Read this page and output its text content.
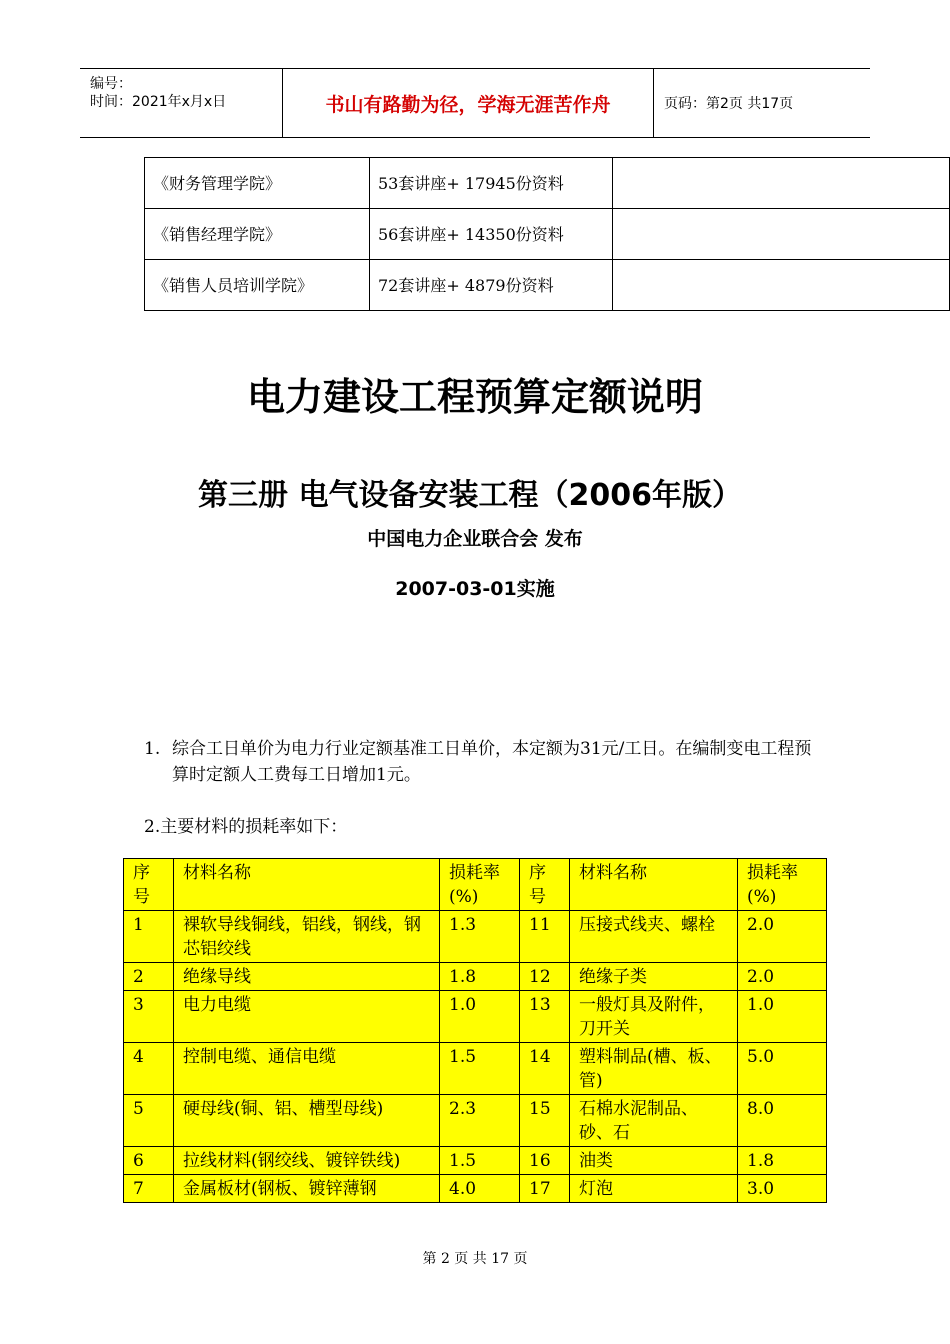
编号：
时间：2021年x月x日	书山有路勤为径，学海无涯苦作舟	页码：第2页 共17页
《财务管理学院》	53套讲座+ 17945份资料	
《销售经理学院》	56套讲座+ 14350份资料	
《销售人员培训学院》	72套讲座+ 4879份资料	
电力建设工程预算定额说明
第三册 电气设备安装工程（2006年版）
中国电力企业联合会 发布
2007-03-01实施
1. 综合工日单价为电力行业定额基准工日单价，本定额为31元/工日。在编制变电工程预算时定额人工费每工日增加1元。
2.主要材料的损耗率如下：
序号	材料名称	损耗率(%)	序号	材料名称	损耗率(%)
1	裸软导线铜线，铝线，钢线，钢芯铝绞线	1.3	11	压接式线夹、螺栓	2.0
2	绝缘导线	1.8	12	绝缘子类	2.0
3	电力电缆	1.0	13	一般灯具及附件，刀开关	1.0
4	控制电缆、通信电缆	1.5	14	塑料制品(槽、板、管)	5.0
5	硬母线(铜、铝、槽型母线)	2.3	15	石棉水泥制品、砂、石	8.0
6	拉线材料(钢绞线、镀锌铁线)	1.5	16	油类	1.8
7	金属板材(钢板、镀锌薄钢	4.0	17	灯泡	3.0
第 2 页 共 17 页
